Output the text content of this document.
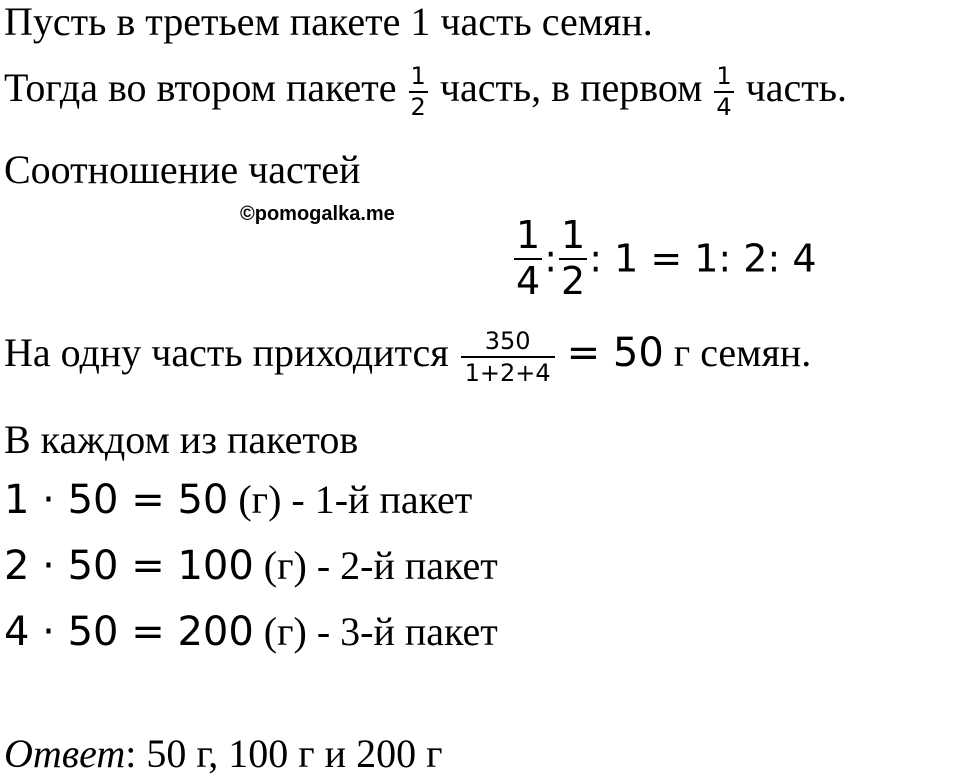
Пусть в третьем пакете 1 часть семян.
Тогда во втором пакете $\frac{1}{2}$ часть, в первом $\frac{1}{4}$ часть.
Соотношение частей
©pomogalka.me	$\frac{1}{4}$ : $\frac{1}{2}$ : 1 = 1: 2: 4
На одну часть приходится $\frac{350}{1+2+4} = 50$ г семян.
В каждом из пакетов
1 · 50 = 50 (г) - 1-й пакет
2 · 50 = 100 (г) - 2-й пакет
4 · 50 = 200 (г) - 3-й пакет
Ответ: 50 г, 100 г и 200 г
